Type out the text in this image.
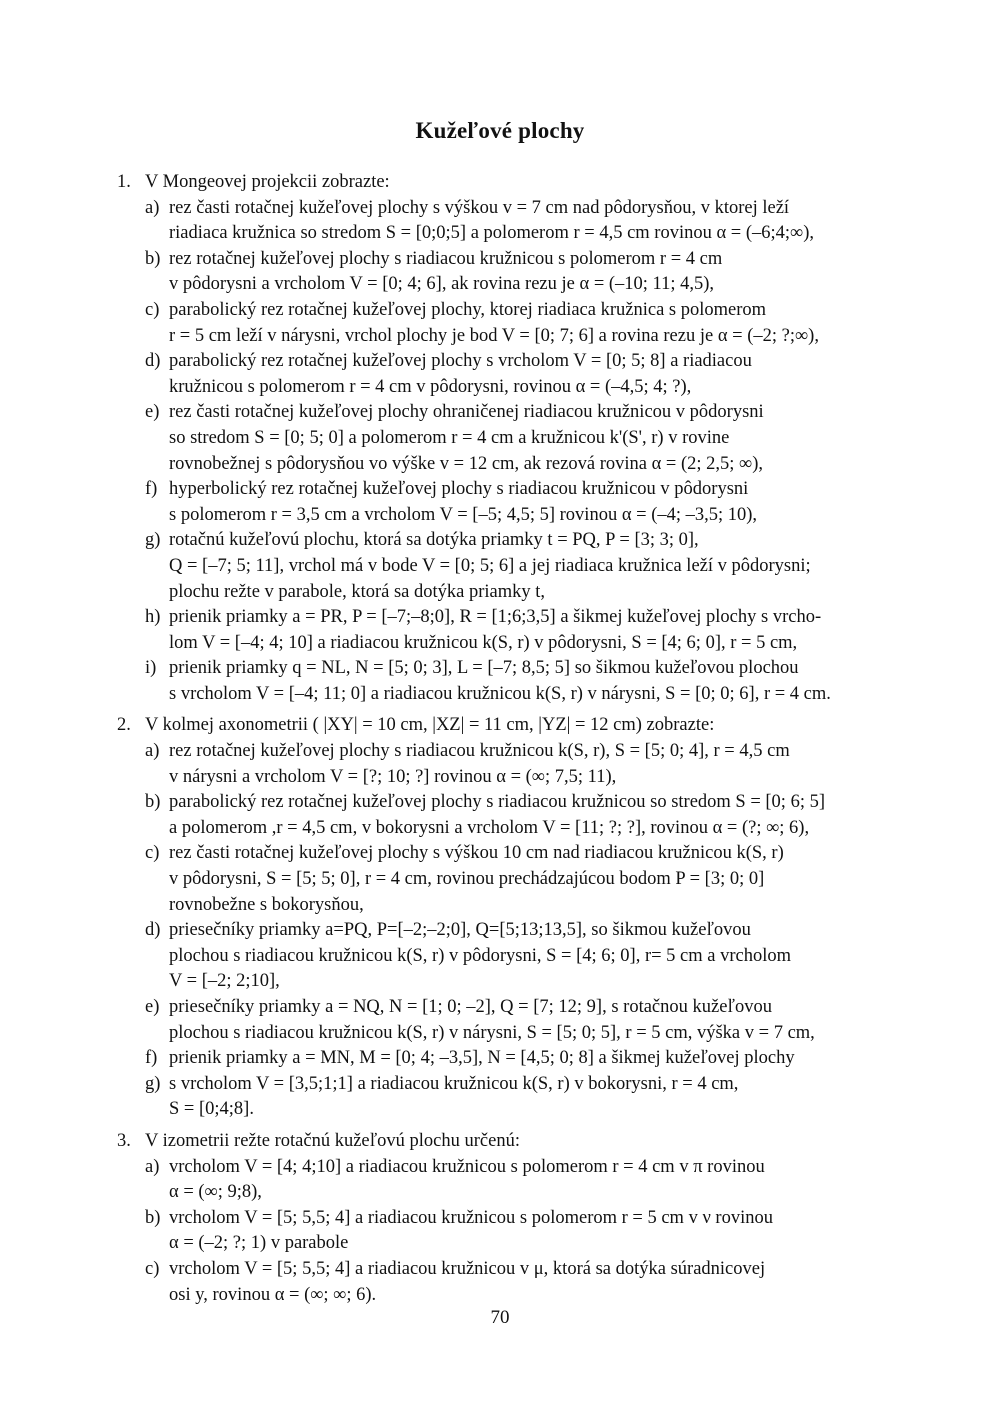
Kužeľové plochy
1. V Mongeovej projekcii zobrazte:
a) rez časti rotačnej kužeľovej plochy s výškou v = 7 cm nad pôdorysňou, v ktorej leží
riadiaca kružnica so stredom S = [0;0;5] a polomerom r = 4,5 cm rovinou α = (–6;4;∞),
b) rez rotačnej kužeľovej plochy s riadiacou kružnicou s polomerom r = 4 cm
v pôdorysni a vrcholom V = [0; 4; 6], ak rovina rezu je α = (–10; 11; 4,5),
c) parabolický rez rotačnej kužeľovej plochy, ktorej riadiaca kružnica s polomerom
r = 5 cm leží v nárysni, vrchol plochy je bod V = [0; 7; 6] a rovina rezu je α = (–2; ?;∞),
d) parabolický rez rotačnej kužeľovej plochy s vrcholom V = [0; 5; 8] a riadiacou
kružnicou s polomerom r = 4 cm v pôdorysni, rovinou α = (–4,5; 4; ?),
e) rez časti rotačnej kužeľovej plochy ohraničenej riadiacou kružnicou v pôdorysni
so stredom S = [0; 5; 0] a polomerom r = 4 cm a kružnicou k'(S', r) v rovine
rovnobežnej s pôdorysňou vo výške v = 12 cm, ak rezová rovina α = (2; 2,5; ∞),
f) hyperbolický rez rotačnej kužeľovej plochy s riadiacou kružnicou v pôdorysni
s polomerom r = 3,5 cm a vrcholom V = [–5; 4,5; 5] rovinou α = (–4; –3,5; 10),
g) rotačnú kužeľovú plochu, ktorá sa dotýka priamky t = PQ, P = [3; 3; 0],
Q = [–7; 5; 11], vrchol má v bode V = [0; 5; 6] a jej riadiaca kružnica leží v pôdorysni;
plochu režte v parabole, ktorá sa dotýka priamky t,
h) prienik priamky a = PR, P = [–7;–8;0], R = [1;6;3,5] a šikmej kužeľovej plochy s vrcho-
lom V = [–4; 4; 10] a riadiacou kružnicou k(S, r) v pôdorysni, S = [4; 6; 0], r = 5 cm,
i) prienik priamky q = NL, N = [5; 0; 3], L = [–7; 8,5; 5] so šikmou kužeľovou plochou
s vrcholom V = [–4; 11; 0] a riadiacou kružnicou k(S, r) v nárysni, S = [0; 0; 6], r = 4 cm.
2. V kolmej axonometrii ( |XY| = 10 cm, |XZ| = 11 cm, |YZ| = 12 cm) zobrazte:
a) rez rotačnej kužeľovej plochy s riadiacou kružnicou k(S, r), S = [5; 0; 4], r = 4,5 cm
v nárysni a vrcholom V = [?; 10; ?] rovinou α = (∞; 7,5; 11),
b) parabolický rez rotačnej kužeľovej plochy s riadiacou kružnicou so stredom S = [0; 6; 5]
a polomerom ,r = 4,5 cm, v bokorysni a vrcholom V = [11; ?; ?], rovinou α = (?; ∞; 6),
c) rez časti rotačnej kužeľovej plochy s výškou 10 cm nad riadiacou kružnicou k(S, r)
v pôdorysni, S = [5; 5; 0], r = 4 cm, rovinou prechádzajúcou bodom P = [3; 0; 0]
rovnobežne s bokorysňou,
d) priesečníky priamky a=PQ, P=[–2;–2;0], Q=[5;13;13,5], so šikmou kužeľovou
plochou s riadiacou kružnicou k(S, r) v pôdorysni, S = [4; 6; 0], r= 5 cm a vrcholom
V = [–2; 2;10],
e) priesečníky priamky a = NQ, N = [1; 0; –2], Q = [7; 12; 9], s rotačnou kužeľovou
plochou s riadiacou kružnicou k(S, r) v nárysni, S = [5; 0; 5], r = 5 cm, výška v = 7 cm,
f) prienik priamky a = MN, M = [0; 4; –3,5], N = [4,5; 0; 8] a šikmej kužeľovej plochy
g) s vrcholom V = [3,5;1;1] a riadiacou kružnicou k(S, r) v bokorysni, r = 4 cm,
S = [0;4;8].
3. V izometrii režte rotačnú kužeľovú plochu určenú:
a) vrcholom V = [4; 4;10] a riadiacou kružnicou s polomerom r = 4 cm v π rovinou
α = (∞; 9;8),
b) vrcholom V = [5; 5,5; 4] a riadiacou kružnicou s polomerom r = 5 cm v ν rovinou
α = (–2; ?; 1) v parabole
c) vrcholom V = [5; 5,5; 4] a riadiacou kružnicou v μ, ktorá sa dotýka súradnicovej
osi y, rovinou α = (∞; ∞; 6).
70
